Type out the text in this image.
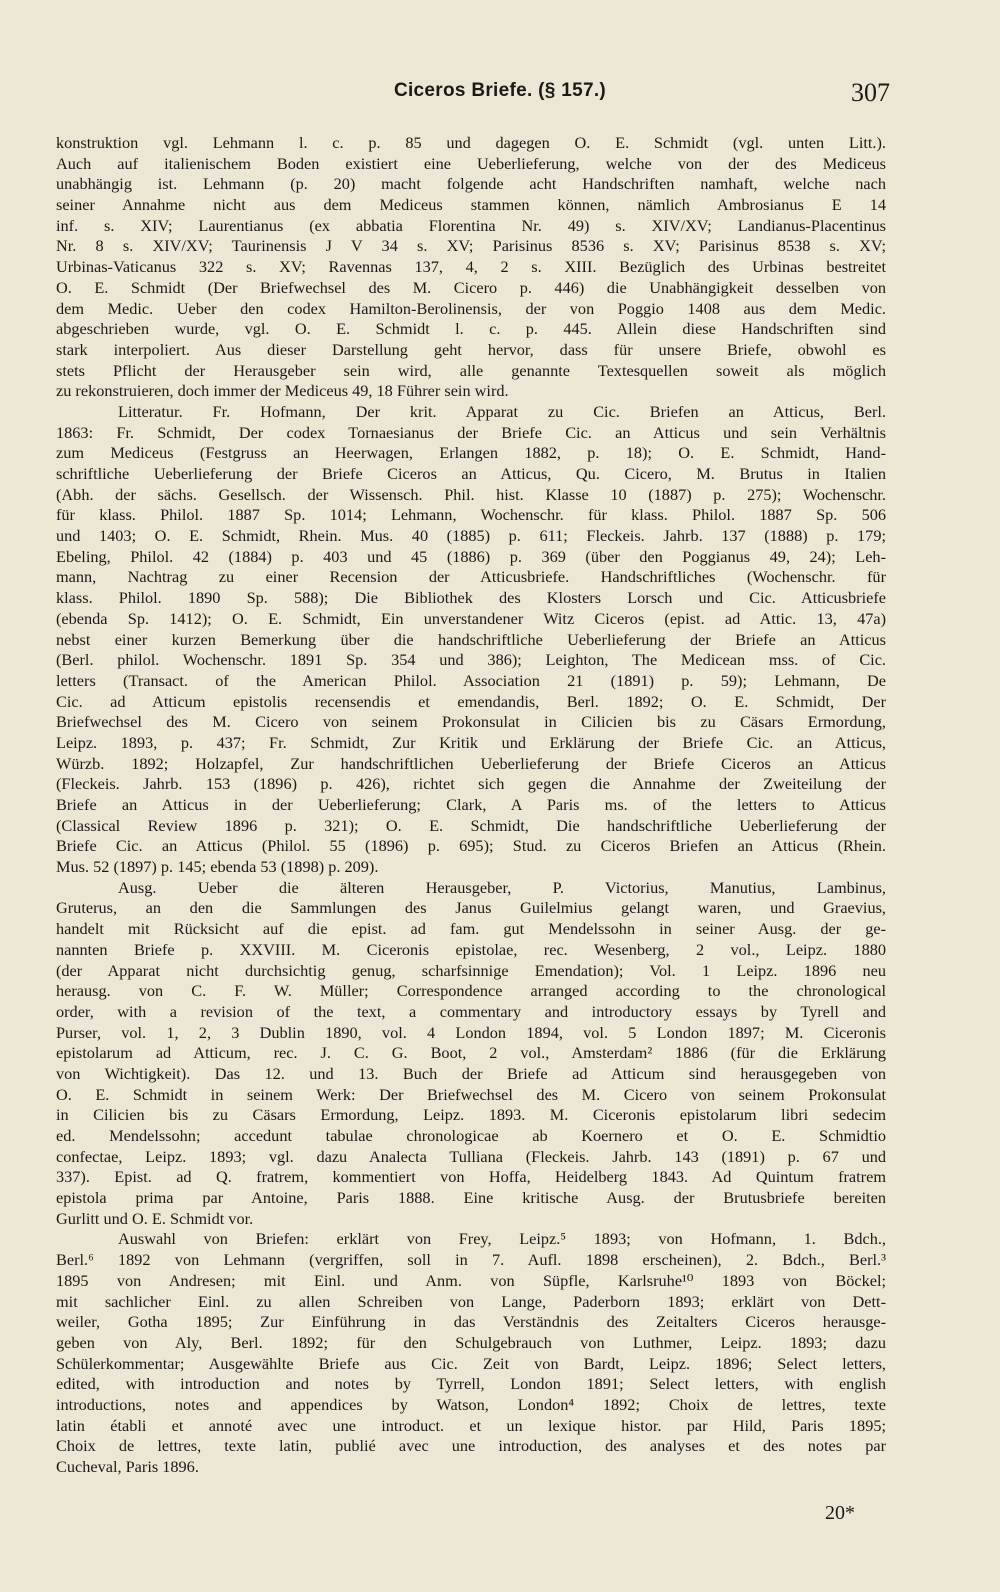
Ciceros Briefe. (§ 157.)	307
konstruktion vgl. Lehmann l. c. p. 85 und dagegen O. E. Schmidt (vgl. unten Litt.).
Auch auf italienischem Boden existiert eine Ueberlieferung, welche von der des Mediceus
unabhängig ist. Lehmann (p. 20) macht folgende acht Handschriften namhaft, welche nach
seiner Annahme nicht aus dem Mediceus stammen können, nämlich Ambrosianus E 14
inf. s. XIV; Laurentianus (ex abbatia Florentina Nr. 49) s. XIV/XV; Landianus-Placentinus
Nr. 8 s. XIV/XV; Taurinensis J V 34 s. XV; Parisinus 8536 s. XV; Parisinus 8538 s. XV;
Urbinas-Vaticanus 322 s. XV; Ravennas 137, 4, 2 s. XIII. Bezüglich des Urbinas bestreitet
O. E. Schmidt (Der Briefwechsel des M. Cicero p. 446) die Unabhängigkeit desselben von
dem Medic. Ueber den codex Hamilton-Berolinensis, der von Poggio 1408 aus dem Medic.
abgeschrieben wurde, vgl. O. E. Schmidt l. c. p. 445. Allein diese Handschriften sind
stark interpoliert. Aus dieser Darstellung geht hervor, dass für unsere Briefe, obwohl es
stets Pflicht der Herausgeber sein wird, alle genannte Textesquellen soweit als möglich
zu rekonstruieren, doch immer der Mediceus 49, 18 Führer sein wird.
Litteratur. Fr. Hofmann, Der krit. Apparat zu Cic. Briefen an Atticus, Berl.
1863: Fr. Schmidt, Der codex Tornaesianus der Briefe Cic. an Atticus und sein Verhältnis
zum Mediceus (Festgruss an Heerwagen, Erlangen 1882, p. 18); O. E. Schmidt, Hand-
schriftliche Ueberlieferung der Briefe Ciceros an Atticus, Qu. Cicero, M. Brutus in Italien
(Abh. der sächs. Gesellsch. der Wissensch. Phil. hist. Klasse 10 (1887) p. 275); Wochenschr.
für klass. Philol. 1887 Sp. 1014; Lehmann, Wochenschr. für klass. Philol. 1887 Sp. 506
und 1403; O. E. Schmidt, Rhein. Mus. 40 (1885) p. 611; Fleckeis. Jahrb. 137 (1888) p. 179;
Ebeling, Philol. 42 (1884) p. 403 und 45 (1886) p. 369 (über den Poggianus 49, 24); Leh-
mann, Nachtrag zu einer Recension der Atticusbriefe. Handschriftliches (Wochenschr. für
klass. Philol. 1890 Sp. 588); Die Bibliothek des Klosters Lorsch und Cic. Atticusbriefe
(ebenda Sp. 1412); O. E. Schmidt, Ein unverstandener Witz Ciceros (epist. ad Attic. 13, 47a)
nebst einer kurzen Bemerkung über die handschriftliche Ueberlieferung der Briefe an Atticus
(Berl. philol. Wochenschr. 1891 Sp. 354 und 386); Leighton, The Medicean mss. of Cic.
letters (Transact. of the American Philol. Association 21 (1891) p. 59); Lehmann, De
Cic. ad Atticum epistolis recensendis et emendandis, Berl. 1892; O. E. Schmidt, Der
Briefwechsel des M. Cicero von seinem Prokonsulat in Cilicien bis zu Cäsars Ermordung,
Leipz. 1893, p. 437; Fr. Schmidt, Zur Kritik und Erklärung der Briefe Cic. an Atticus,
Würzb. 1892; Holzapfel, Zur handschriftlichen Ueberlieferung der Briefe Ciceros an Atticus
(Fleckeis. Jahrb. 153 (1896) p. 426), richtet sich gegen die Annahme der Zweiteilung der
Briefe an Atticus in der Ueberlieferung; Clark, A Paris ms. of the letters to Atticus
(Classical Review 1896 p. 321); O. E. Schmidt, Die handschriftliche Ueberlieferung der
Briefe Cic. an Atticus (Philol. 55 (1896) p. 695); Stud. zu Ciceros Briefen an Atticus (Rhein.
Mus. 52 (1897) p. 145; ebenda 53 (1898) p. 209).
Ausg. Ueber die älteren Herausgeber, P. Victorius, Manutius, Lambinus,
Gruterus, an den die Sammlungen des Janus Guilelmius gelangt waren, und Graevius,
handelt mit Rücksicht auf die epist. ad fam. gut Mendelssohn in seiner Ausg. der ge-
nannten Briefe p. XXVIII. M. Ciceronis epistolae, rec. Wesenberg, 2 vol., Leipz. 1880
(der Apparat nicht durchsichtig genug, scharfsinnige Emendation); Vol. 1 Leipz. 1896 neu
herausg. von C. F. W. Müller; Correspondence arranged according to the chronological
order, with a revision of the text, a commentary and introductory essays by Tyrell and
Purser, vol. 1, 2, 3 Dublin 1890, vol. 4 London 1894, vol. 5 London 1897; M. Ciceronis
epistolarum ad Atticum, rec. J. C. G. Boot, 2 vol., Amsterdam² 1886 (für die Erklärung
von Wichtigkeit). Das 12. und 13. Buch der Briefe ad Atticum sind herausgegeben von
O. E. Schmidt in seinem Werk: Der Briefwechsel des M. Cicero von seinem Prokonsulat
in Cilicien bis zu Cäsars Ermordung, Leipz. 1893. M. Ciceronis epistolarum libri sedecim
ed. Mendelssohn; accedunt tabulae chronologicae ab Koernero et O. E. Schmidtio
confectae, Leipz. 1893; vgl. dazu Analecta Tulliana (Fleckeis. Jahrb. 143 (1891) p. 67 und
337). Epist. ad Q. fratrem, kommentiert von Hoffa, Heidelberg 1843. Ad Quintum fratrem
epistola prima par Antoine, Paris 1888. Eine kritische Ausg. der Brutusbriefe bereiten
Gurlitt und O. E. Schmidt vor.
Auswahl von Briefen: erklärt von Frey, Leipz.⁵ 1893; von Hofmann, 1. Bdch.,
Berl.⁶ 1892 von Lehmann (vergriffen, soll in 7. Aufl. 1898 erscheinen), 2. Bdch., Berl.³
1895 von Andresen; mit Einl. und Anm. von Süpfle, Karlsruhe¹⁰ 1893 von Böckel;
mit sachlicher Einl. zu allen Schreiben von Lange, Paderborn 1893; erklärt von Dett-
weiler, Gotha 1895; Zur Einführung in das Verständnis des Zeitalters Ciceros herausge-
geben von Aly, Berl. 1892; für den Schulgebrauch von Luthmer, Leipz. 1893; dazu
Schülerkommentar; Ausgewählte Briefe aus Cic. Zeit von Bardt, Leipz. 1896; Select letters,
edited, with introduction and notes by Tyrrell, London 1891; Select letters, with english
introductions, notes and appendices by Watson, London⁴ 1892; Choix de lettres, texte
latin établi et annoté avec une introduct. et un lexique histor. par Hild, Paris 1895;
Choix de lettres, texte latin, publié avec une introduction, des analyses et des notes par
Cucheval, Paris 1896.
20*
